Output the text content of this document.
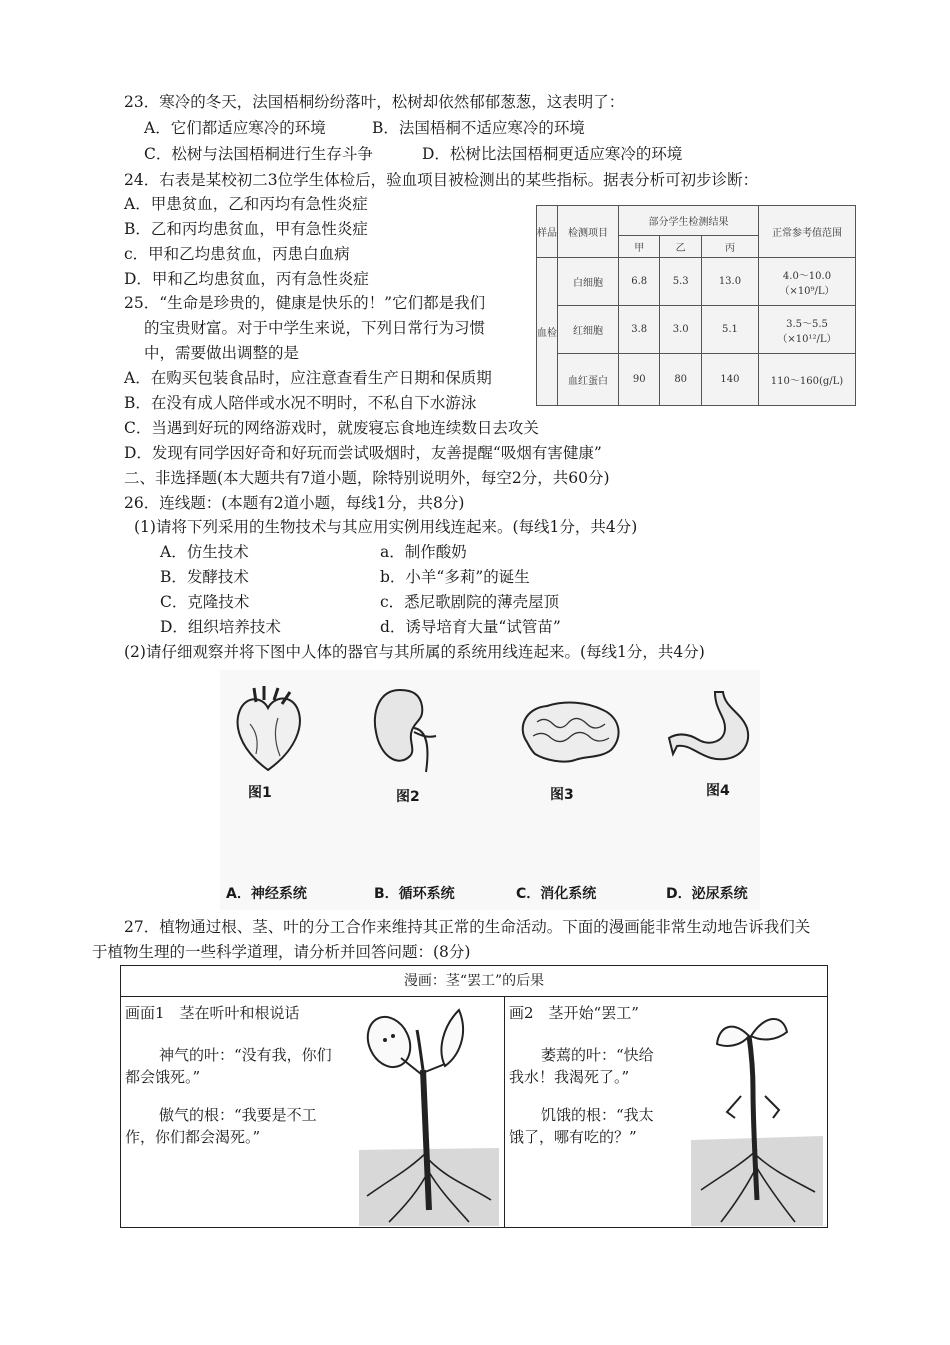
23．寒冷的冬天，法国梧桐纷纷落叶，松树却依然郁郁葱葱，这表明了：
A．它们都适应寒冷的环境	B．法国梧桐不适应寒冷的环境
C．松树与法国梧桐进行生存斗争	D．松树比法国梧桐更适应寒冷的环境
24．右表是某校初二3位学生体检后，验血项目被检测出的某些指标。据表分析可初步诊断：
A．甲患贫血，乙和丙均有急性炎症
B．乙和丙均患贫血，甲有急性炎症
c．甲和乙均患贫血，丙患白血病
D．甲和乙均患贫血，丙有急性炎症
样品	检测项目	部分学生检测结果			正常参考值范围
		甲	乙	丙	
血检	白细胞	6.8	5.3	13.0	4.0～10.0
（×10⁹/L）
	红细胞	3.8	3.0	5.1	3.5～5.5
（×10¹²/L）
	血红蛋白	90	80	140	110～160(g/L)
25．“生命是珍贵的，健康是快乐的！”它们都是我们
的宝贵财富。对于中学生来说，下列日常行为习惯
中，需要做出调整的是
A．在购买包装食品时，应注意查看生产日期和保质期
B．在没有成人陪伴或水况不明时，不私自下水游泳
C．当遇到好玩的网络游戏时，就废寝忘食地连续数日去攻关
D．发现有同学因好奇和好玩而尝试吸烟时，友善提醒“吸烟有害健康”
二、非选择题(本大题共有7道小题，除特别说明外，每空2分，共60分)
26．连线题：(本题有2道小题，每线1分，共8分)
(1)请将下列采用的生物技术与其应用实例用线连起来。(每线1分，共4分)
A．仿生技术
B．发酵技术
C．克隆技术
D．组织培养技术
a．制作酸奶
b．小羊“多莉”的诞生
c．悉尼歌剧院的薄壳屋顶
d．诱导培育大量“试管苗”
(2)请仔细观察并将下图中人体的器官与其所属的系统用线连起来。(每线1分，共4分)
图1	图2	图3	图4
A．神经系统	B．循环系统	C．消化系统	D．泌尿系统
27．植物通过根、茎、叶的分工合作来维持其正常的生命活动。下面的漫画能非常生动地告诉我们关
于植物生理的一些科学道理，请分析并回答问题：(8分)
漫画：茎“罢工”的后果
画面1　茎在听叶和根说话
神气的叶：“没有我，你们
都会饿死。”
傲气的根：“我要是不工
作，你们都会渴死。”
画2　茎开始“罢工”
萎蔫的叶：“快给
我水！我渴死了。”
饥饿的根：“我太
饿了，哪有吃的？”
